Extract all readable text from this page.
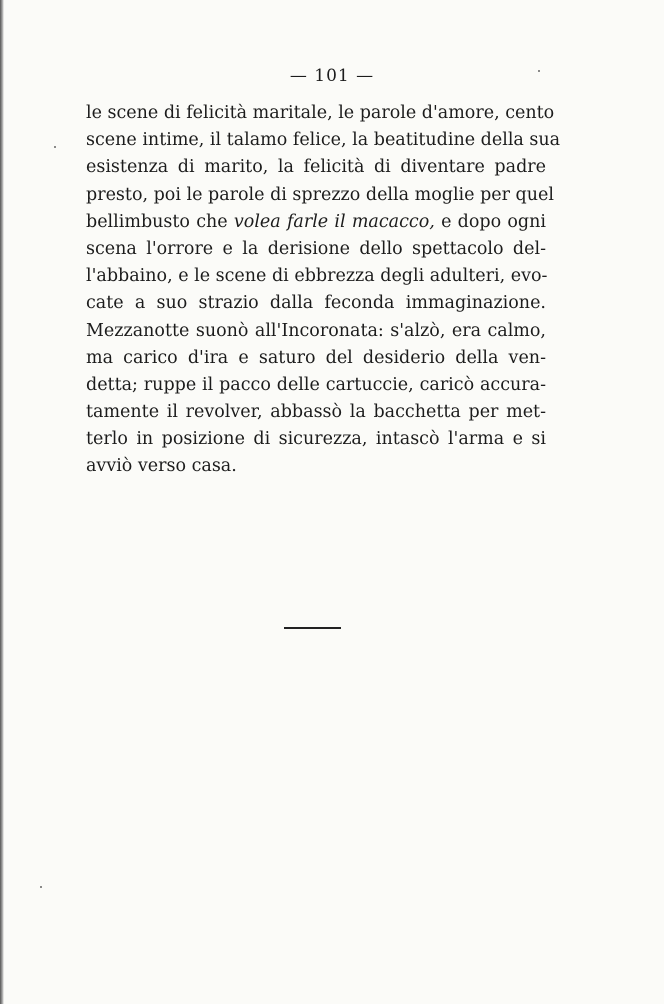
— 101 —
le scene di felicità maritale, le parole d'amore, cento
scene intime, il talamo felice, la beatitudine della sua
esistenza di marito, la felicità di diventare padre
presto, poi le parole di sprezzo della moglie per quel
bellimbusto che volea farle il macacco, e dopo ogni
scena l'orrore e la derisione dello spettacolo del-
l'abbaino, e le scene di ebbrezza degli adulteri, evo-
cate a suo strazio dalla feconda immaginazione.
Mezzanotte suonò all'Incoronata: s'alzò, era calmo,
ma carico d'ira e saturo del desiderio della ven-
detta; ruppe il pacco delle cartuccie, caricò accura-
tamente il revolver, abbassò la bacchetta per met-
terlo in posizione di sicurezza, intascò l'arma e si
avviò verso casa.
